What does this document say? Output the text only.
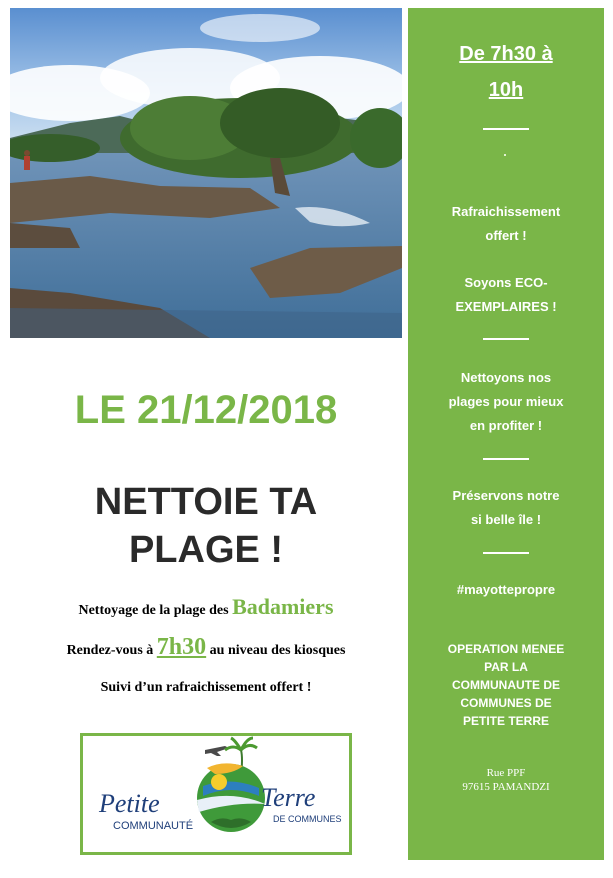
LE 21/12/2018
NETTOIE TA
PLAGE !
Nettoyage de la plage des Badamiers
Rendez-vous à 7h30 au niveau des kiosques
Suivi d’un rafraichissement offert !
Petite	Terre
COMMUNAUTÉ
DE COMMUNES
De 7h30 à
10h
Rafraichissement
offert !
Soyons ECO-
EXEMPLAIRES !
Nettoyons nos
plages pour mieux
en profiter !
Préservons notre
si belle île !
#mayottepropre
OPERATION MENEE
PAR LA
COMMUNAUTE DE
COMMUNES DE
PETITE TERRE
Rue PPF
97615 PAMANDZI
